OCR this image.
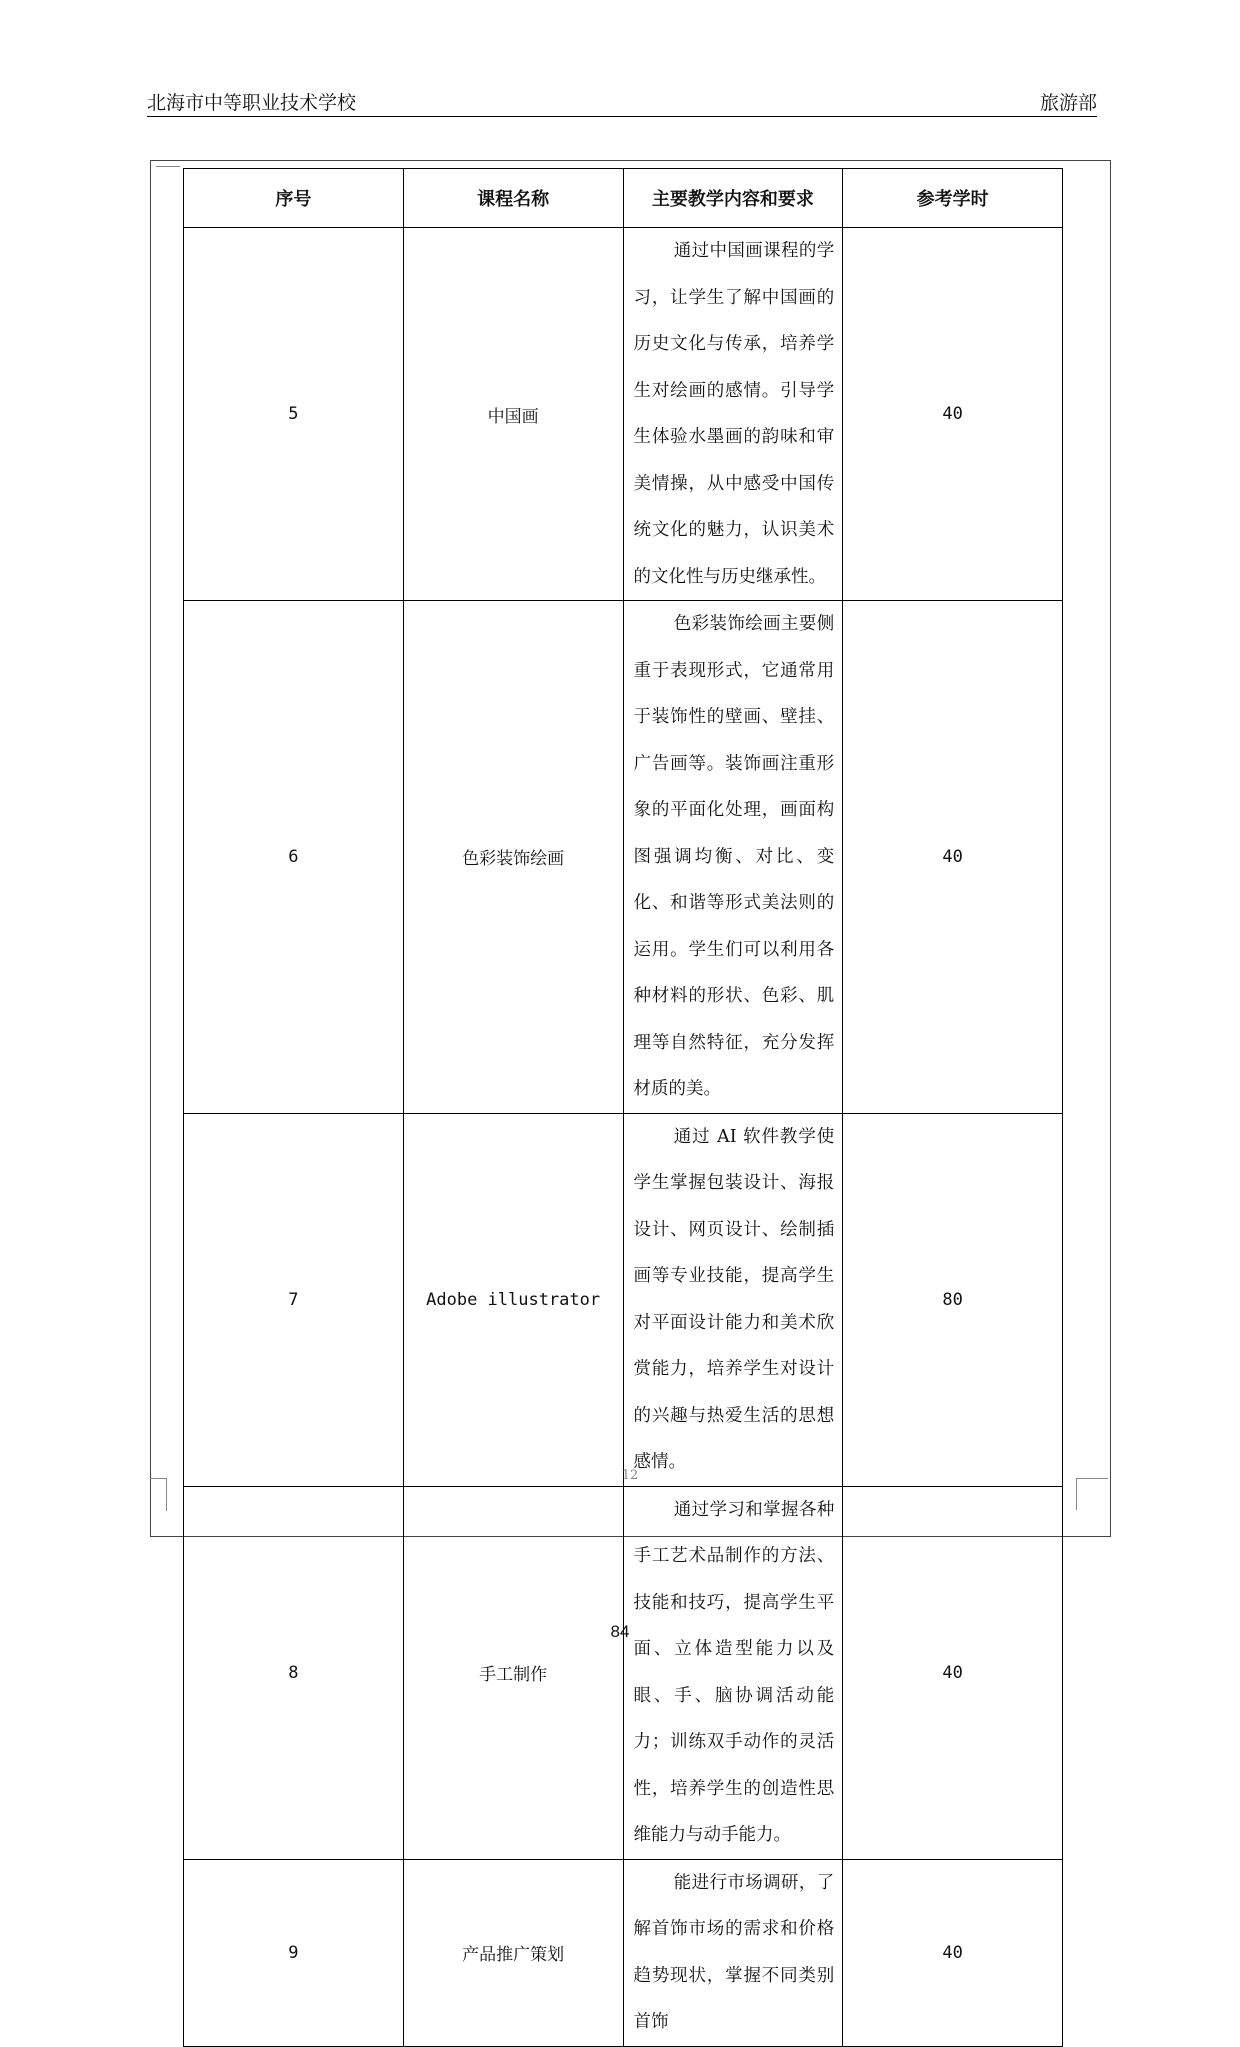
北海市中等职业技术学校	旅游部
序号	课程名称	主要教学内容和要求	参考学时
5	中国画	通过中国画课程的学习，让学生了解中国画的历史文化与传承，培养学生对绘画的感情。引导学生体验水墨画的韵味和审美情操，从中感受中国传统文化的魅力，认识美术的文化性与历史继承性。	40
6	色彩装饰绘画	色彩装饰绘画主要侧重于表现形式，它通常用于装饰性的壁画、壁挂、广告画等。装饰画注重形象的平面化处理，画面构图强调均衡、对比、变化、和谐等形式美法则的运用。学生们可以利用各种材料的形状、色彩、肌理等自然特征，充分发挥材质的美。	40
7	Adobe illustrator	通过 AI 软件教学使学生掌握包装设计、海报设计、网页设计、绘制插画等专业技能，提高学生对平面设计能力和美术欣赏能力，培养学生对设计的兴趣与热爱生活的思想感情。	80
8	手工制作	通过学习和掌握各种手工艺术品制作的方法、技能和技巧，提高学生平面、立体造型能力以及眼、手、脑协调活动能力；训练双手动作的灵活性，培养学生的创造性思维能力与动手能力。	40
9	产品推广策划	能进行市场调研，了解首饰市场的需求和价格趋势现状，掌握不同类别首饰	40
12
84
